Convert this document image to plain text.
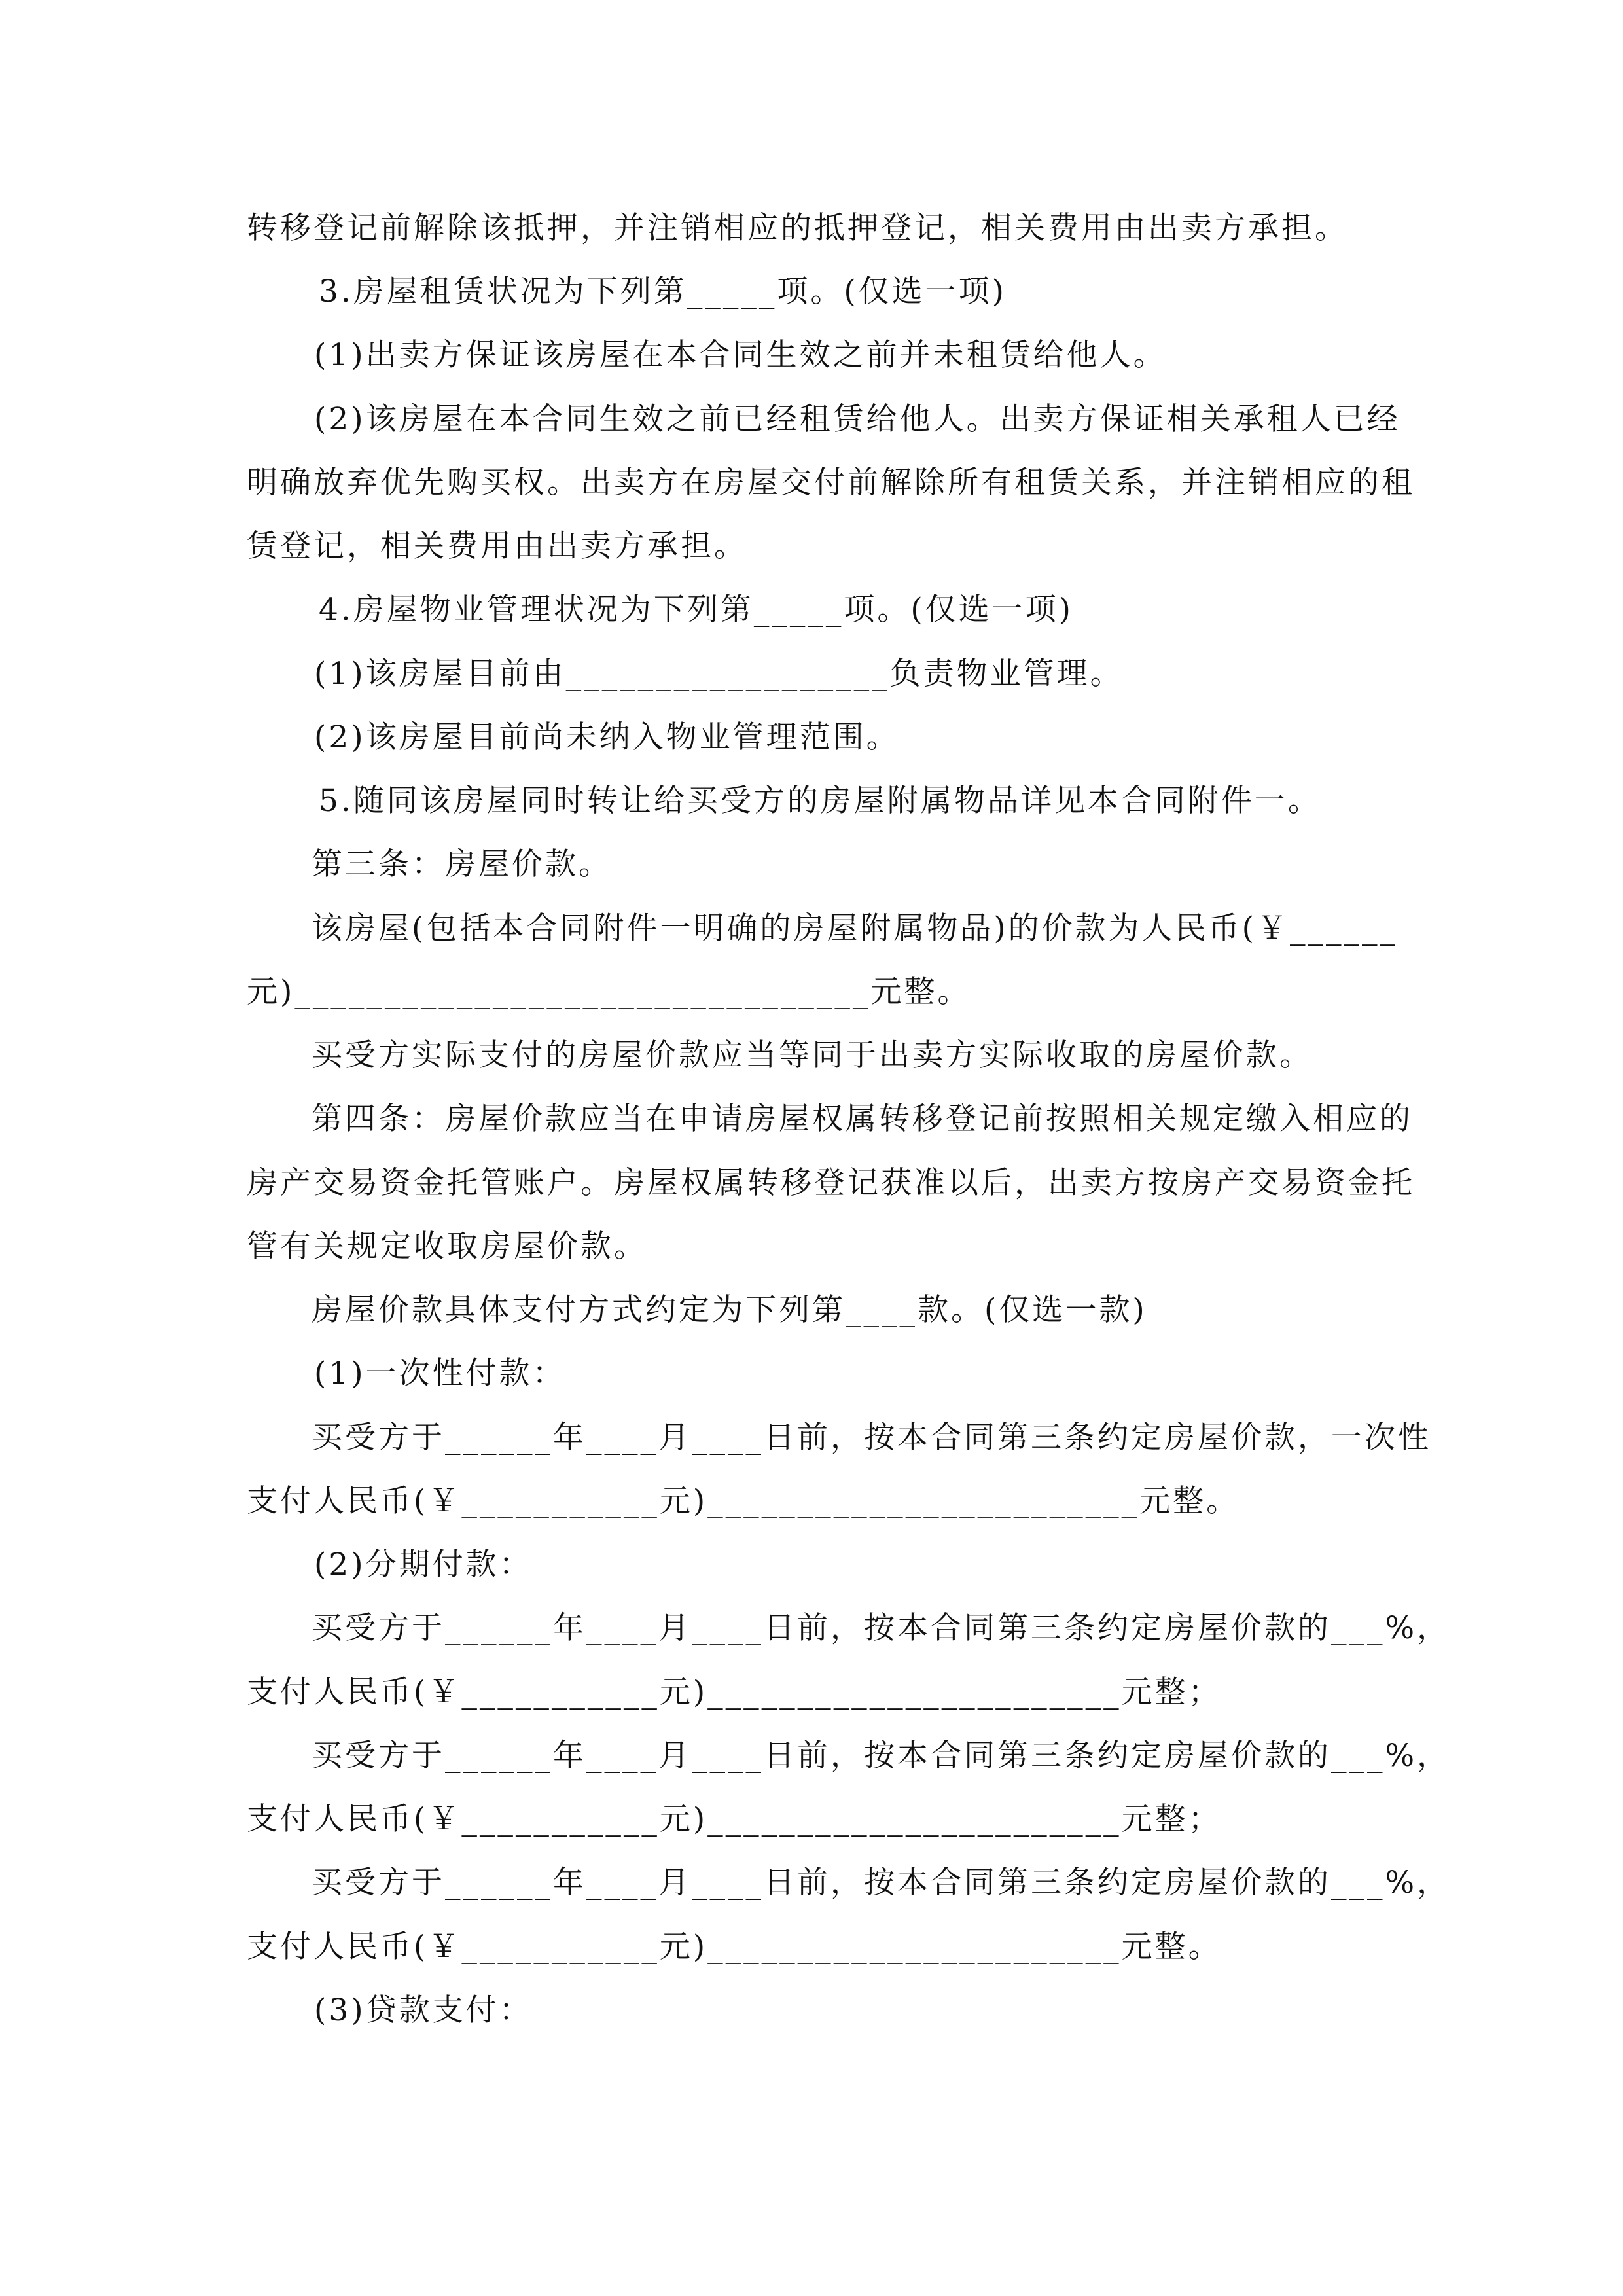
转移登记前解除该抵押，并注销相应的抵押登记，相关费用由出卖方承担。
3.房屋租赁状况为下列第_____项。(仅选一项)
(1)出卖方保证该房屋在本合同生效之前并未租赁给他人。
(2)该房屋在本合同生效之前已经租赁给他人。出卖方保证相关承租人已经
明确放弃优先购买权。出卖方在房屋交付前解除所有租赁关系，并注销相应的租
赁登记，相关费用由出卖方承担。
4.房屋物业管理状况为下列第_____项。(仅选一项)
(1)该房屋目前由__________________负责物业管理。
(2)该房屋目前尚未纳入物业管理范围。
5.随同该房屋同时转让给买受方的房屋附属物品详见本合同附件一。
第三条：房屋价款。
该房屋(包括本合同附件一明确的房屋附属物品)的价款为人民币(￥______
元)________________________________元整。
买受方实际支付的房屋价款应当等同于出卖方实际收取的房屋价款。
第四条：房屋价款应当在申请房屋权属转移登记前按照相关规定缴入相应的
房产交易资金托管账户。房屋权属转移登记获准以后，出卖方按房产交易资金托
管有关规定收取房屋价款。
房屋价款具体支付方式约定为下列第____款。(仅选一款)
(1)一次性付款：
买受方于______年____月____日前，按本合同第三条约定房屋价款，一次性
支付人民币(￥___________元)________________________元整。
(2)分期付款：
买受方于______年____月____日前，按本合同第三条约定房屋价款的___%，
支付人民币(￥___________元)_______________________元整；
买受方于______年____月____日前，按本合同第三条约定房屋价款的___%，
支付人民币(￥___________元)_______________________元整；
买受方于______年____月____日前，按本合同第三条约定房屋价款的___%，
支付人民币(￥___________元)_______________________元整。
(3)贷款支付：
